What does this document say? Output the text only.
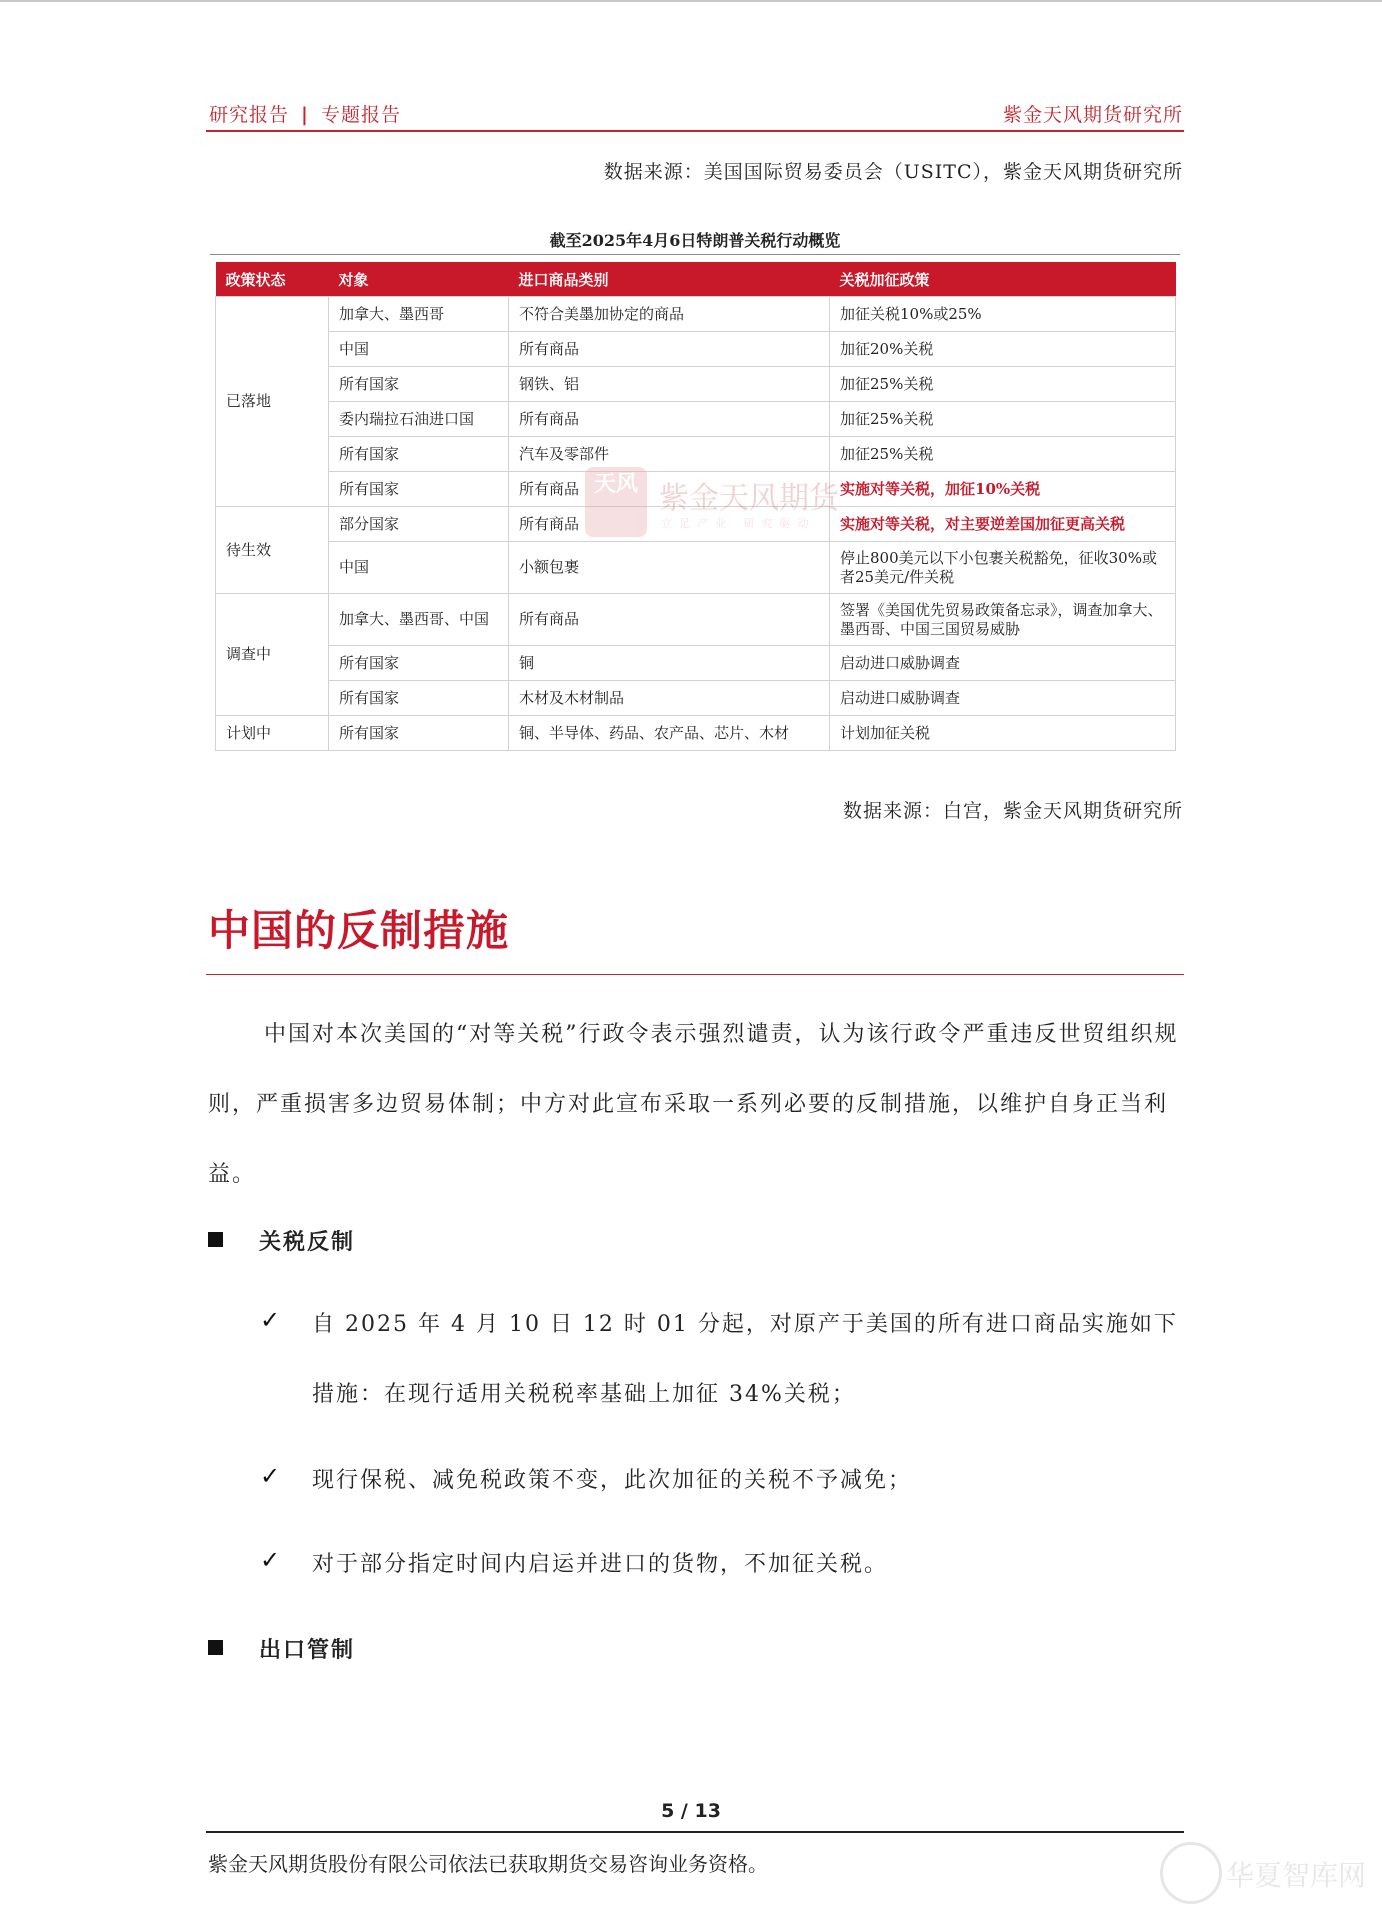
研究报告 | 专题报告	紫金天风期货研究所
数据来源：美国国际贸易委员会（USITC），紫金天风期货研究所
截至2025年4月6日特朗普关税行动概览
政策状态	对象	进口商品类别	关税加征政策
已落地	加拿大、墨西哥	不符合美墨加协定的商品	加征关税10%或25%
	中国	所有商品	加征20%关税
	所有国家	钢铁、铝	加征25%关税
	委内瑞拉石油进口国	所有商品	加征25%关税
	所有国家	汽车及零部件	加征25%关税
	所有国家	所有商品	实施对等关税，加征10%关税
待生效	部分国家	所有商品	实施对等关税，对主要逆差国加征更高关税
	中国	小额包裹	停止800美元以下小包裹关税豁免，征收30%或者25美元/件关税
调查中	加拿大、墨西哥、中国	所有商品	签署《美国优先贸易政策备忘录》，调查加拿大、墨西哥、中国三国贸易威胁
	所有国家	铜	启动进口威胁调查
	所有国家	木材及木材制品	启动进口威胁调查
计划中	所有国家	铜、半导体、药品、农产品、芯片、木材	计划加征关税
天风 紫金天风期货
立足产业 研究驱动
数据来源：白宫，紫金天风期货研究所
中国的反制措施
中国对本次美国的“对等关税”行政令表示强烈谴责，认为该行政令严重违反世贸组织规则，严重损害多边贸易体制；中方对此宣布采取一系列必要的反制措施，以维护自身正当利益。
关税反制
✓ 自 2025 年 4 月 10 日 12 时 01 分起，对原产于美国的所有进口商品实施如下措施：在现行适用关税税率基础上加征 34%关税；
✓ 现行保税、减免税政策不变，此次加征的关税不予减免；
✓ 对于部分指定时间内启运并进口的货物，不加征关税。
出口管制
5 / 13
紫金天风期货股份有限公司依法已获取期货交易咨询业务资格。	华夏智库网
